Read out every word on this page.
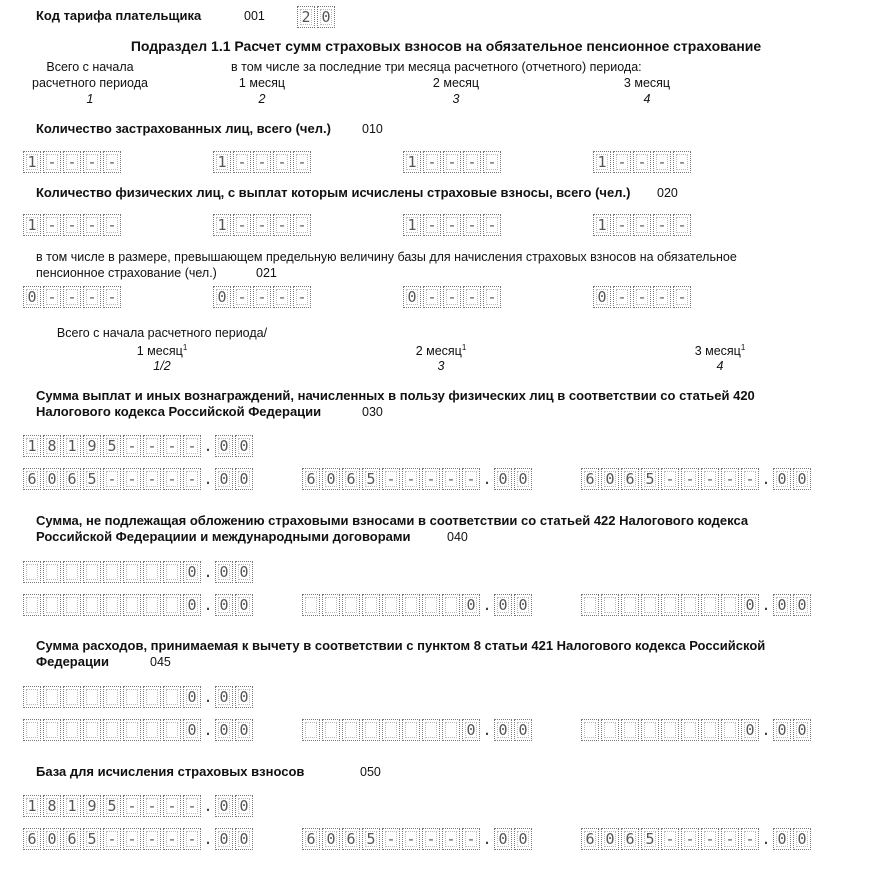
Код тарифа плательщика	001 2 0
Подраздел 1.1 Расчет сумм страховых взносов на обязательное пенсионное страхование
Всего с начала
расчетного периода
в том числе за последние три месяца расчетного (отчетного) периода:
1 месяц	2 месяц	3 месяц
1	2	3	4
Количество застрахованных лиц, всего (чел.) 010
1 - - - -	1 - - - -	1 - - - -	1 - - - -
Количество физических лиц, с выплат которым исчислены страховые взносы, всего (чел.) 020
1 - - - -	1 - - - -	1 - - - -	1 - - - -
в том числе в размере, превышающем предельную величину базы для начисления страховых взносов на обязательное
пенсионное страхование (чел.)	021
0 - - - -	0 - - - -	0 - - - -	0 - - - -
Всего с начала расчетного периода/
1 месяц$^1$	2 месяц$^1$	3 месяц$^1$
1/2	3	4
Сумма выплат и иных вознаграждений, начисленных в пользу физических лиц в соответствии со статьей 420
Налогового кодекса Российской Федерации	030
1 8 1 9 5 - - - - . 0 0
6 0 6 5 - - - - - . 0 0	6 0 6 5 - - - - - . 0 0	6 0 6 5 - - - - - . 0 0
Сумма, не подлежащая обложению страховыми взносами в соответствии со статьей 422 Налогового кодекса
Российской Федерациии и международными договорами	040
0 . 0 0
0 . 0 0	0 . 0 0	0 . 0 0
Сумма расходов, принимаемая к вычету в соответствии с пунктом 8 статьи 421 Налогового кодекса Российской
Федерации	045
0 . 0 0
0 . 0 0	0 . 0 0	0 . 0 0
База для исчисления страховых взносов	050
1 8 1 9 5 - - - - . 0 0
6 0 6 5 - - - - - . 0 0	6 0 6 5 - - - - - . 0 0	6 0 6 5 - - - - - . 0 0
